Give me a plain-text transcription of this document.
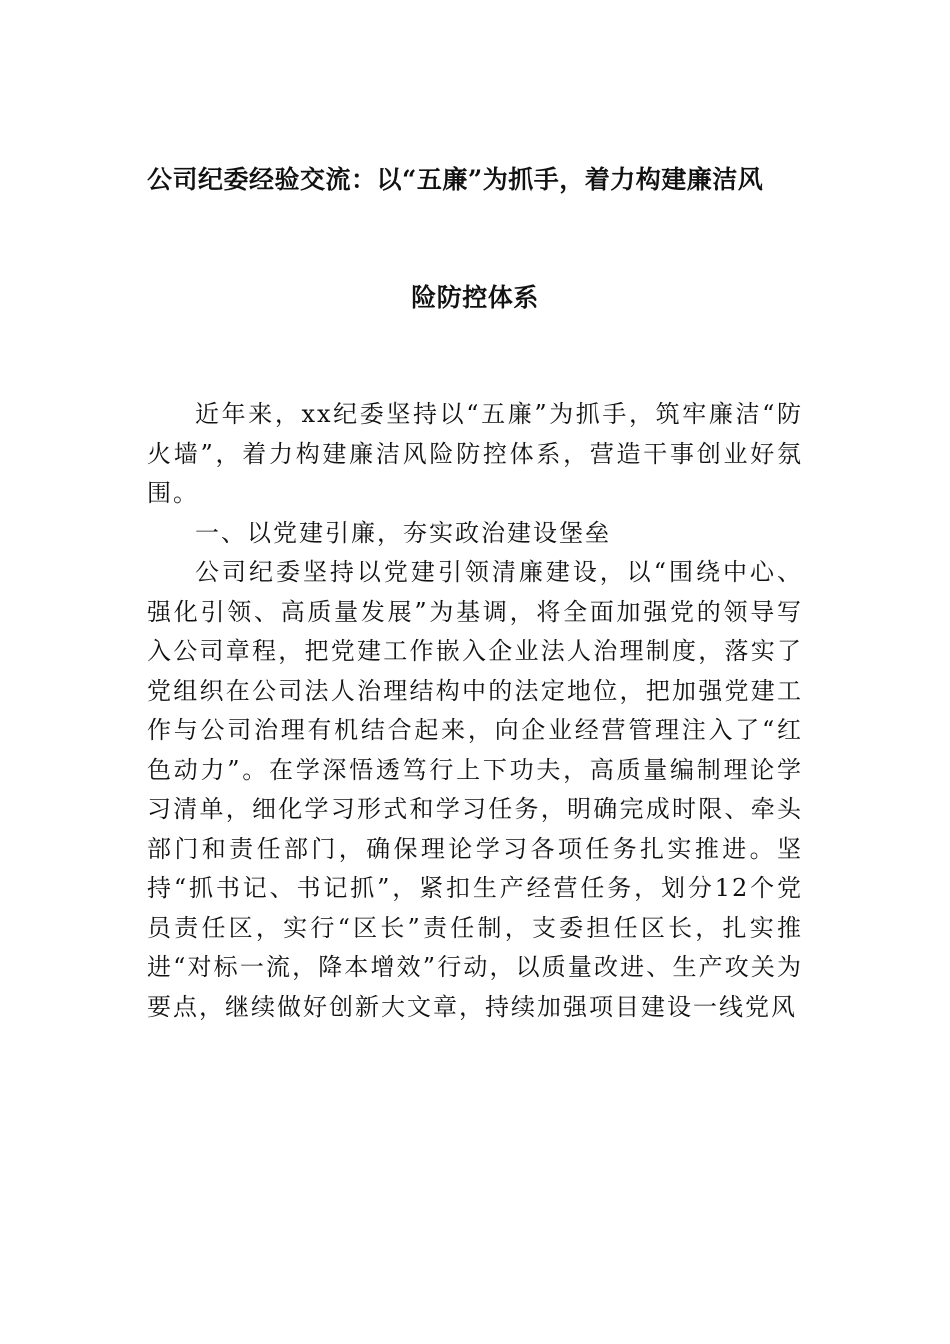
公司纪委经验交流：以“五廉”为抓手，着力构建廉洁风
险防控体系

近年来，xx纪委坚持以“五廉”为抓手，筑牢廉洁“防火墙”，着力构建廉洁风险防控体系，营造干事创业好氛围。

一、以党建引廉，夯实政治建设堡垒

公司纪委坚持以党建引领清廉建设，以“围绕中心、强化引领、高质量发展”为基调，将全面加强党的领导写入公司章程，把党建工作嵌入企业法人治理制度，落实了党组织在公司法人治理结构中的法定地位，把加强党建工作与公司治理有机结合起来，向企业经营管理注入了“红色动力”。在学深悟透笃行上下功夫，高质量编制理论学习清单，细化学习形式和学习任务，明确完成时限、牵头部门和责任部门，确保理论学习各项任务扎实推进。坚持“抓书记、书记抓”，紧扣生产经营任务，划分12个党员责任区，实行“区长”责任制，支委担任区长，扎实推进“对标一流，降本增效”行动，以质量改进、生产攻关为要点，继续做好创新大文章，持续加强项目建设一线党风
